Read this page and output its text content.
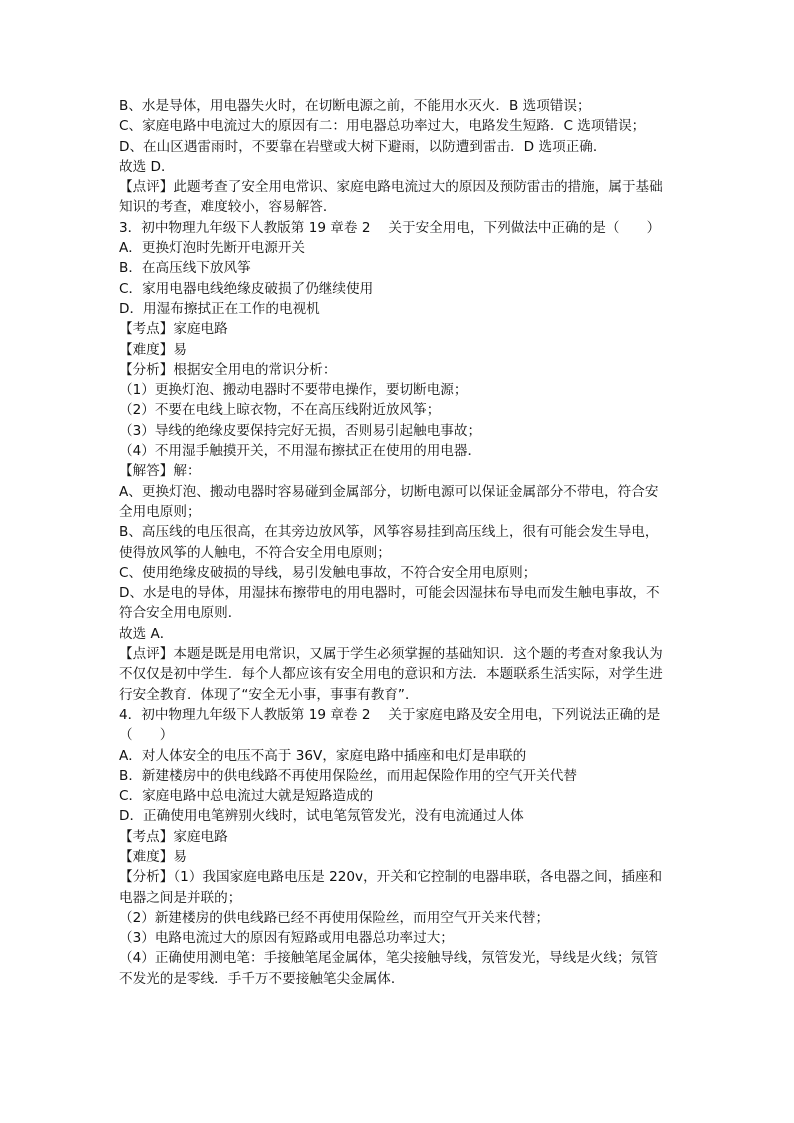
B、水是导体，用电器失火时，在切断电源之前，不能用水灭火．B 选项错误；
C、家庭电路中电流过大的原因有二：用电器总功率过大，电路发生短路．C 选项错误；
D、在山区遇雷雨时，不要靠在岩壁或大树下避雨，以防遭到雷击．D 选项正确．
故选 D．
【点评】此题考查了安全用电常识、家庭电路电流过大的原因及预防雷击的措施，属于基础
知识的考查，难度较小，容易解答．
3．初中物理九年级下人教版第 19 章卷 2　 关于安全用电，下列做法中正确的是（　　）
A．更换灯泡时先断开电源开关
B．在高压线下放风筝
C．家用电器电线绝缘皮破损了仍继续使用
D．用湿布擦拭正在工作的电视机
【考点】家庭电路
【难度】易
【分析】根据安全用电的常识分析：
（1）更换灯泡、搬动电器时不要带电操作，要切断电源；
（2）不要在电线上晾衣物，不在高压线附近放风筝；
（3）导线的绝缘皮要保持完好无损，否则易引起触电事故；
（4）不用湿手触摸开关，不用湿布擦拭正在使用的用电器．
【解答】解：
A、更换灯泡、搬动电器时容易碰到金属部分，切断电源可以保证金属部分不带电，符合安
全用电原则；
B、高压线的电压很高，在其旁边放风筝，风筝容易挂到高压线上，很有可能会发生导电，
使得放风筝的人触电，不符合安全用电原则；
C、使用绝缘皮破损的导线，易引发触电事故，不符合安全用电原则；
D、水是电的导体，用湿抹布擦带电的用电器时，可能会因湿抹布导电而发生触电事故，不
符合安全用电原则．
故选 A．
【点评】本题是既是用电常识，又属于学生必须掌握的基础知识．这个题的考查对象我认为
不仅仅是初中学生．每个人都应该有安全用电的意识和方法．本题联系生活实际，对学生进
行安全教育．体现了“安全无小事，事事有教育”．
4．初中物理九年级下人教版第 19 章卷 2　 关于家庭电路及安全用电，下列说法正确的是
（　　）
A．对人体安全的电压不高于 36V，家庭电路中插座和电灯是串联的
B．新建楼房中的供电线路不再使用保险丝，而用起保险作用的空气开关代替
C．家庭电路中总电流过大就是短路造成的
D．正确使用电笔辨别火线时，试电笔氖管发光，没有电流通过人体
【考点】家庭电路
【难度】易
【分析】（1）我国家庭电路电压是 220v，开关和它控制的电器串联，各电器之间，插座和
电器之间是并联的；
（2）新建楼房的供电线路已经不再使用保险丝，而用空气开关来代替；
（3）电路电流过大的原因有短路或用电器总功率过大；
（4）正确使用测电笔：手接触笔尾金属体，笔尖接触导线，氖管发光，导线是火线；氖管
不发光的是零线．手千万不要接触笔尖金属体．
